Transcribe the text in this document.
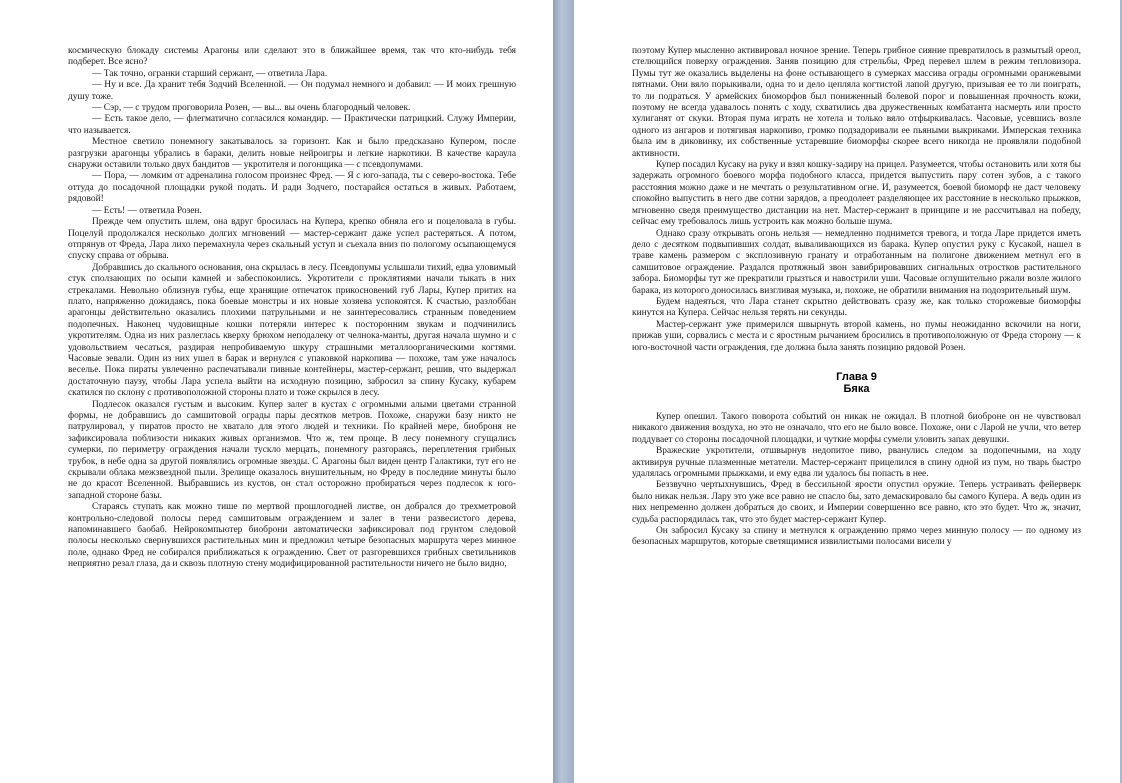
космическую блокаду системы Арагоны или сделают это в ближайшее время, так что кто-нибудь тебя подберет. Все ясно?

— Так точно, огранки старший сержант, — ответила Лара.

— Ну и все. Да хранит тебя Зодчий Вселенной. — Он подумал немного и добавил: — И моих грешную душу тоже.

— Сэр, — с трудом проговорила Розен, — вы... вы очень благородный человек.

— Есть такое дело, — флегматично согласился командир. — Практически патрицкий. Служу Империи, что называется.

Местное светило понемногу закатывалось за горизонт. Как и было предсказано Купером, после разгрузки арагонцы убрались в бараки, делить новые нейроигры и легкие наркотики. В качестве караула снаружи оставили только двух бандитов — укротителя и погонщика — с псевдопумами.

— Пора, — ломким от адреналина голосом произнес Фред. — Я с юго-запада, ты с северо-востока. Тебе оттуда до посадочной площадки рукой подать. И ради Зодчего, постарайся остаться в живых. Работаем, рядовой!

— Есть! — ответила Розен.

Прежде чем опустить шлем, она вдруг бросилась на Купера, крепко обняла его и поцеловала в губы. Поцелуй продолжался несколько долгих мгновений — мастер-сержант даже успел растеряться. А потом, отпрянув от Фреда, Лара лихо перемахнула через скальный уступ и съехала вниз по пологому осыпающемуся спуску справа от обрыва.

Добравшись до скального основания, она скрылась в лесу. Псевдопумы услышали тихий, едва уловимый стук сползающих по осыпи камней и забеспокоились. Укротители с проклятиями начали тыкать в них стрекалами. Невольно облизнув губы, еще хранящие отпечаток прикосновений губ Лары, Купер притих на плато, напряженно дожидаясь, пока боевые монстры и их новые хозяева успокоятся. К счастью, разлоббан арагонцы действительно оказались плохими патрульными и не заинтересовались странным поведением подопечных. Наконец чудовищные кошки потеряли интерес к посторонним звукам и подчинились укротителям. Одна из них разлеглась кверху брюхом неподалеку от челнока-манты, другая начала шумно и с удовольствием чесаться, раздирая непробиваемую шкуру страшными металлоорганическими когтями. Часовые зевали. Один из них ушел в барак и вернулся с упаковкой наркопива — похоже, там уже началось веселье. Пока пираты увлеченно распечатывали пивные контейнеры, мастер-сержант, решив, что выдержал достаточную паузу, чтобы Лара успела выйти на исходную позицию, забросил за спину Кусаку, кубарем скатился по склону с противоположной стороны плато и тоже скрылся в лесу.

Подлесок оказался густым и высоким. Купер залег в кустах с огромными алыми цветами странной формы, не добравшись до самшитовой ограды пары десятков метров. Похоже, снаружи базу никто не патрулировал, у пиратов просто не хватало для этого людей и техники. По крайней мере, биоброня не зафиксировала поблизости никаких живых организмов. Что ж, тем проще. В лесу понемногу сгущались сумерки, по периметру ограждения начали тускло мерцать, понемногу разгораясь, переплетения грибных трубок, в небе одна за другой появлялись огромные звезды. С Арагоны был виден центр Галактики, тут его не скрывали облака межзвездной пыли. Зрелище оказалось внушительным, но Фреду в последние минуты было не до красот Вселенной. Выбравшись из кустов, он стал осторожно пробираться через подлесок к юго-западной стороне базы.

Стараясь ступать как можно тише по мертвой прошлогодней листве, он добрался до трехметровой контрольно-следовой полосы перед самшитовым ограждением и залег в тени развесистого дерева, напоминавшего баобаб. Нейрокомпьютер биоброни автоматически зафиксировал под грунтом следовой полосы несколько свернувшихся растительных мин и предложил четыре безопасных маршрута через минное поле, однако Фред не собирался приближаться к ограждению. Свет от разгоревшихся грибных светильников неприятно резал глаза, да и сквозь плотную стену модифицированной растительности ничего не было видно,

поэтому Купер мысленно активировал ночное зрение. Теперь грибное сияние превратилось в размытый ореол, стелющийся поверху ограждения. Заняв позицию для стрельбы, Фред перевел шлем в режим тепловизора. Пумы тут же оказались выделены на фоне остывающего в сумерках массива ограды огромными оранжевыми пятнами. Они вяло порыкивали, одна то и дело цепляла когтистой лапой другую, призывая ее то ли поиграть, то ли подраться. У армейских биоморфов был пониженный болевой порог и повышенная прочность кожи, поэтому не всегда удавалось понять с ходу, схватились два дружественных комбатанта насмерть или просто хулиганят от скуки. Вторая пума играть не хотела и только вяло отфыркивалась. Часовые, усевшись возле одного из ангаров и потягивая наркопиво, громко подзадоривали ее пьяными выкриками. Имперская техника была им в диковинку, их собственные устаревшие биоморфы скорее всего никогда не проявляли подобной активности.

Купер посадил Кусаку на руку и взял кошку-задиру на прицел. Разумеется, чтобы остановить или хотя бы задержать огромного боевого морфа подобного класса, придется выпустить пару сотен зубов, а с такого расстояния можно даже и не мечтать о результативном огне. И, разумеется, боевой биоморф не даст человеку спокойно выпустить в него две сотни зарядов, а преодолеет разделяющее их расстояние в несколько прыжков, мгновенно сведя преимущество дистанции на нет. Мастер-сержант в принципе и не рассчитывал на победу, сейчас ему требовалось лишь устроить как можно больше шума.

Однако сразу открывать огонь нельзя — немедленно поднимется тревога, и тогда Ларе придется иметь дело с десятком подвыпивших солдат, вываливающихся из барака. Купер опустил руку с Кусакой, нашел в траве камень размером с эксплозивную гранату и отработанным на полигоне движением метнул его в самшитовое ограждение. Раздался протяжный звон завибрировавших сигнальных отростков растительного забора. Биоморфы тут же прекратили грызться и навострили уши. Часовые оглушительно ржали возле жилого барака, из которого доносилась визгливая музыка, и, похоже, не обратили внимания на подозрительный шум.

Будем надеяться, что Лара станет скрытно действовать сразу же, как только сторожевые биоморфы кинутся на Купера. Сейчас нельзя терять ни секунды.

Мастер-сержант уже примерился швырнуть второй камень, но пумы неожиданно вскочили на ноги, прижав уши, сорвались с места и с яростным рычанием бросились в противоположную от Фреда сторону — к юго-восточной части ограждения, где должна была занять позицию рядовой Розен.

Глава 9
Бяка

Купер опешил. Такого поворота событий он никак не ожидал. В плотной биоброне он не чувствовал никакого движения воздуха, но это не означало, что его не было вовсе. Похоже, они с Ларой не учли, что ветер поддувает со стороны посадочной площадки, и чуткие морфы сумели уловить запах девушки.

Вражеские укротители, отшвырнув недопитое пиво, рванулись следом за подопечными, на ходу активируя ручные плазменные метатели. Мастер-сержант прицелился в спину одной из пум, но тварь быстро удалялась огромными прыжками, и ему едва ли удалось бы попасть в нее.

Беззвучно чертыхнувшись, Фред в бессильной ярости опустил оружие. Теперь устраивать фейерверк было никак нельзя. Лару это уже все равно не спасло бы, зато демаскировало бы самого Купера. А ведь один из них непременно должен добраться до своих, и Империи совершенно все равно, кто это будет. Что ж, значит, судьба распорядилась так, что это будет мастер-сержант Купер.

Он забросил Кусаку за спину и метнулся к ограждению прямо через минную полосу — по одному из безопасных маршрутов, которые светящимися извилистыми полосами висели у
